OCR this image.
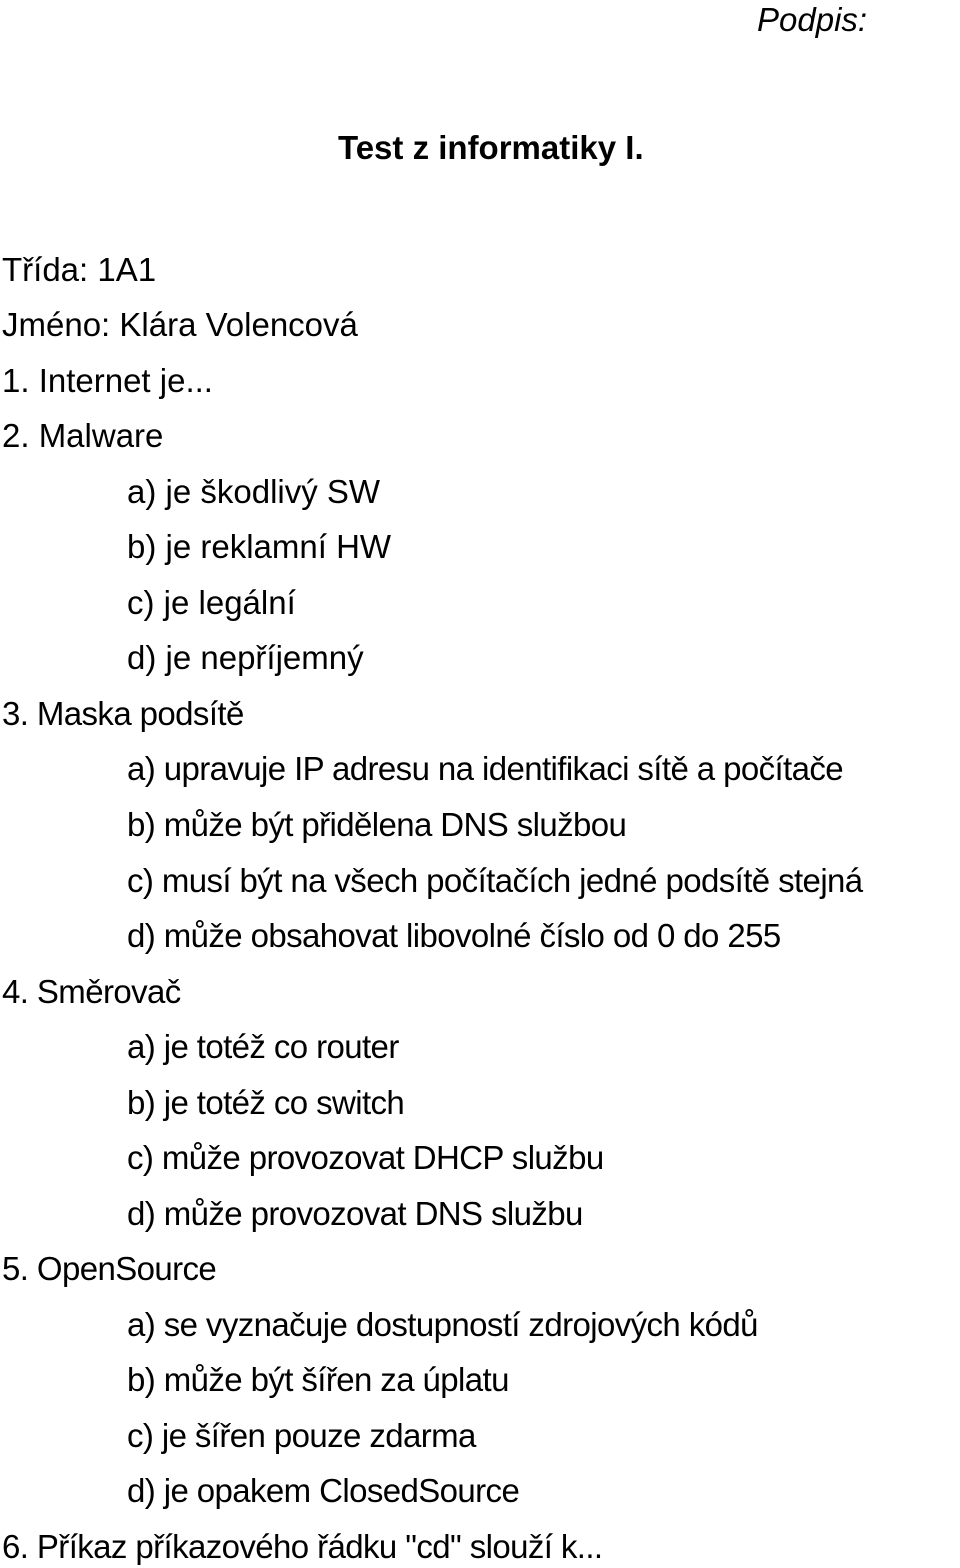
Podpis:
Test z informatiky I.
Třída: 1A1
Jméno: Klára Volencová
1. Internet je...
2. Malware
a) je škodlivý SW
b) je reklamní HW
c) je legální
d) je nepříjemný
3. Maska podsítě
a) upravuje IP adresu na identifikaci sítě a počítače
b) může být přidělena DNS službou
c) musí být na všech počítačích jedné podsítě stejná
d) může obsahovat libovolné číslo od 0 do 255
4. Směrovač
a) je totéž co router
b) je totéž co switch
c) může provozovat DHCP službu
d) může provozovat DNS službu
5. OpenSource
a) se vyznačuje dostupností zdrojových kódů
b) může být šířen za úplatu
c) je šířen pouze zdarma
d) je opakem ClosedSource
6. Příkaz příkazového řádku "cd" slouží k...
